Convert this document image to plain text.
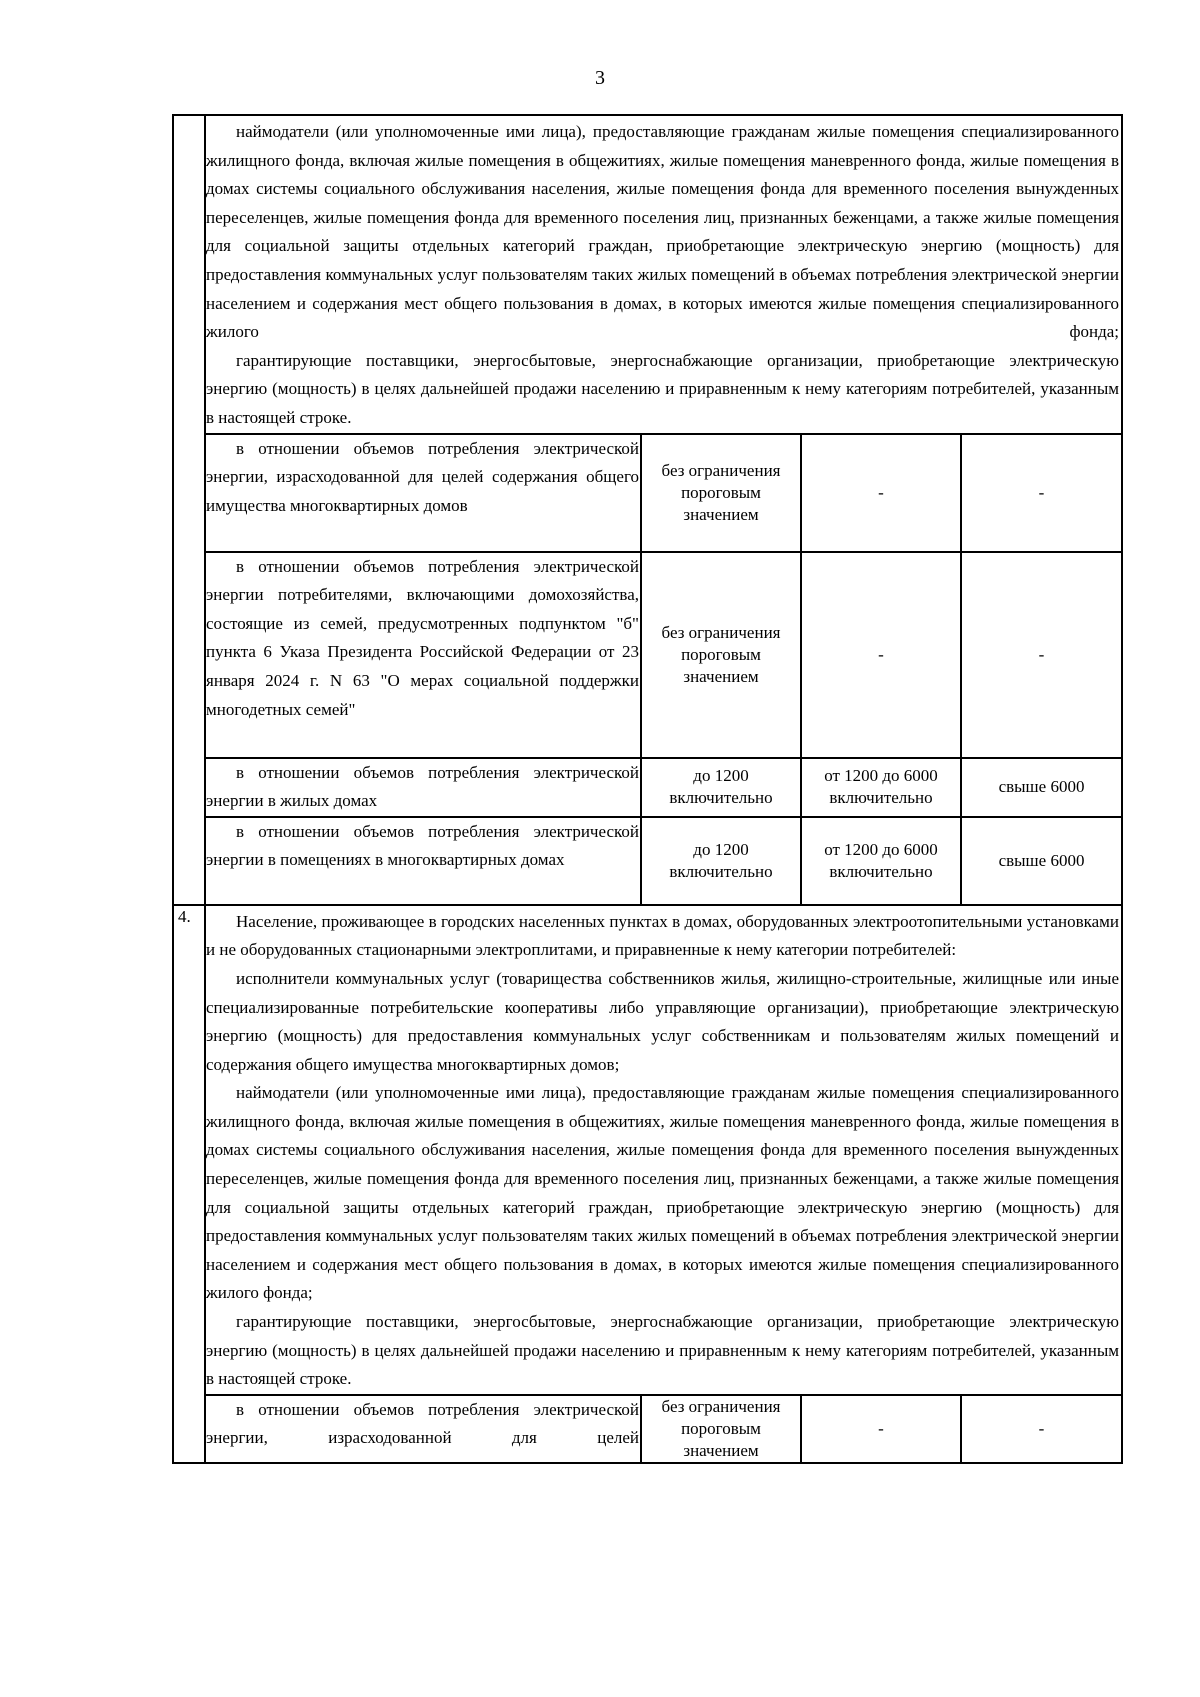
3

	наймодатели (или уполномоченные ими лица), предоставляющие гражданам жилые помещения специализированного жилищного фонда, включая жилые помещения в общежитиях, жилые помещения маневренного фонда, жилые помещения в домах системы социального обслуживания населения, жилые помещения фонда для временного поселения вынужденных переселенцев, жилые помещения фонда для временного поселения лиц, признанных беженцами, а также жилые помещения для социальной защиты отдельных категорий граждан, приобретающие электрическую энергию (мощность) для предоставления коммунальных услуг пользователям таких жилых помещений в объемах потребления электрической энергии населением и содержания мест общего пользования в домах, в которых имеются жилые помещения специализированного жилого фонда;

гарантирующие поставщики, энергосбытовые, энергоснабжающие организации, приобретающие электрическую энергию (мощность) в целях дальнейшей продажи населению и приравненным к нему категориям потребителей, указанным в настоящей строке.			

	в отношении объемов потребления электрической энергии, израсходованной для целей содержания общего имущества многоквартирных домов	без ограничения пороговым значением	-	-

	в отношении объемов потребления электрической энергии потребителями, включающими домохозяйства, состоящие из семей, предусмотренных подпунктом "б" пункта 6 Указа Президента Российской Федерации от 23 января 2024 г. N 63 "О мерах социальной поддержки многодетных семей"	без ограничения пороговым значением	-	-

	в отношении объемов потребления электрической энергии в жилых домах	до 1200 включительно	от 1200 до 6000 включительно	свыше 6000

	в отношении объемов потребления электрической энергии в помещениях в многоквартирных домах	до 1200 включительно	от 1200 до 6000 включительно	свыше 6000
4.	Население, проживающее в городских населенных пунктах в домах, оборудованных электроотопительными установками и не оборудованных стационарными электроплитами, и приравненные к нему категории потребителей:

исполнители коммунальных услуг (товарищества собственников жилья, жилищно-строительные, жилищные или иные специализированные потребительские кооперативы либо управляющие организации), приобретающие электрическую энергию (мощность) для предоставления коммунальных услуг собственникам и пользователям жилых помещений и содержания общего имущества многоквартирных домов;

наймодатели (или уполномоченные ими лица), предоставляющие гражданам жилые помещения специализированного жилищного фонда, включая жилые помещения в общежитиях, жилые помещения маневренного фонда, жилые помещения в домах системы социального обслуживания населения, жилые помещения фонда для временного поселения вынужденных переселенцев, жилые помещения фонда для временного поселения лиц, признанных беженцами, а также жилые помещения для социальной защиты отдельных категорий граждан, приобретающие электрическую энергию (мощность) для предоставления коммунальных услуг пользователям таких жилых помещений в объемах потребления электрической энергии населением и содержания мест общего пользования в домах, в которых имеются жилые помещения специализированного жилого фонда;

гарантирующие поставщики, энергосбытовые, энергоснабжающие организации, приобретающие электрическую энергию (мощность) в целях дальнейшей продажи населению и приравненным к нему категориям потребителей, указанным в настоящей строке.			

	в отношении объемов потребления электрической энергии, израсходованной для целей	без ограничения пороговым значением	-	-
